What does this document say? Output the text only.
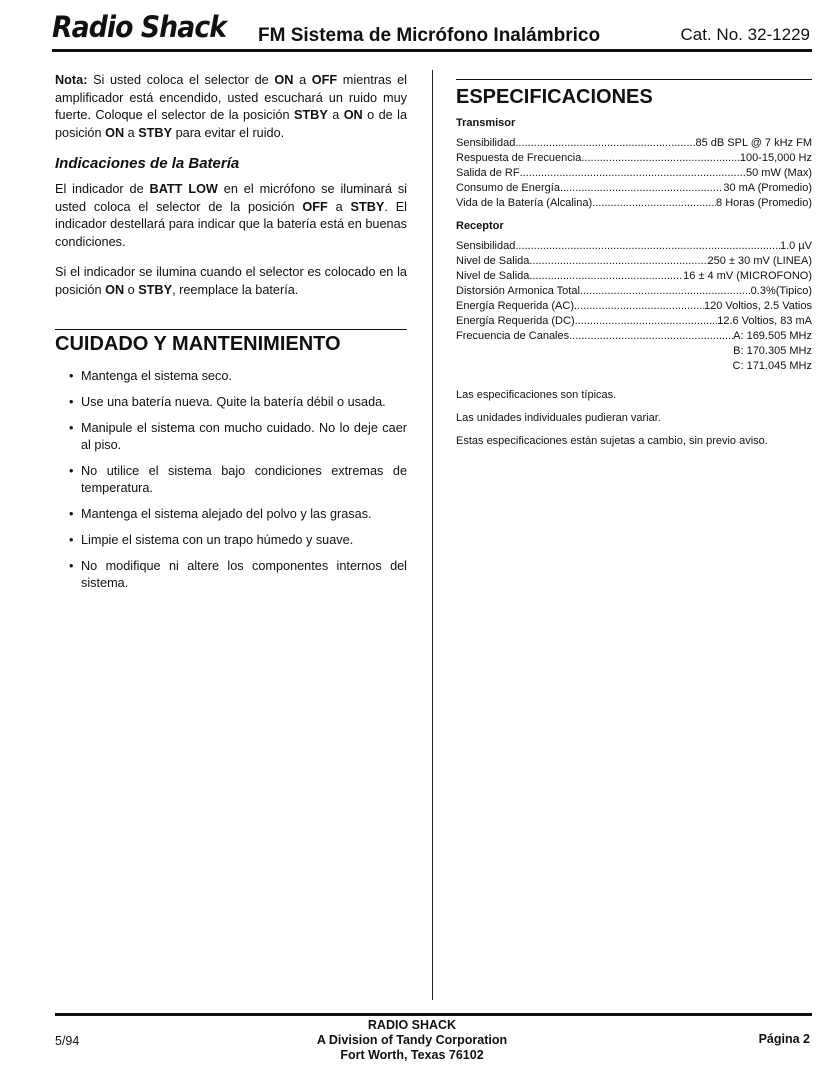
Radio Shack FM Sistema de Micrófono Inalámbrico	Cat. No. 32-1229

Nota: Si usted coloca el selector de ON a OFF mientras el amplificador está encendido, usted escuchará un ruido muy fuerte. Coloque el selector de la posición STBY a ON o de la posición ON a STBY para evitar el ruido.

Indicaciones de la Batería

El indicador de BATT LOW en el micrófono se iluminará si usted coloca el selector de la posición OFF a STBY. El indicador destellará para indicar que la batería está en buenas condiciones.

Si el indicador se ilumina cuando el selector es colocado en la posición ON o STBY, reemplace la batería.

CUIDADO Y MANTENIMIENTO
• Mantenga el sistema seco.
• Use una batería nueva. Quite la batería débil o usada.
• Manipule el sistema con mucho cuidado. No lo deje caer al piso.
• No utilice el sistema bajo condiciones extremas de temperatura.
• Mantenga el sistema alejado del polvo y las grasas.
• Limpie el sistema con un trapo húmedo y suave.
• No modifique ni altere los componentes internos del sistema.
ESPECIFICACIONES
Transmisor
Sensibilidad .....	85 dB SPL @ 7 kHz FM
Respuesta de Frecuencia .....	100-15,000 Hz
Salida de RF .....	50 mW (Max)
Consumo de Energía .....	30 mA (Promedio)
Vida de la Batería (Alcalina) .....	8 Horas (Promedio)
Receptor
Sensibilidad .....	1.0 µV
Nivel de Salida .....	250 ± 30 mV (LINEA)
Nivel de Salida .....	16 ± 4 mV (MICROFONO)
Distorsión Armonica Total .....	0.3%(Tipico)
Energía Requerida (AC) .....	120 Voltios, 2.5 Vatios
Energía Requerida (DC) .....	12.6 Voltios, 83 mA
Frecuencia de Canales .....	A: 169.505 MHz
B: 170.305 MHz
C: 171.045 MHz
Las especificaciones son típicas.
Las unidades individuales pudieran variar.
Estas especificaciones están sujetas a cambio, sin previo aviso.
5/94
RADIO SHACK
A Division of Tandy Corporation
Fort Worth, Texas 76102
Página 2
